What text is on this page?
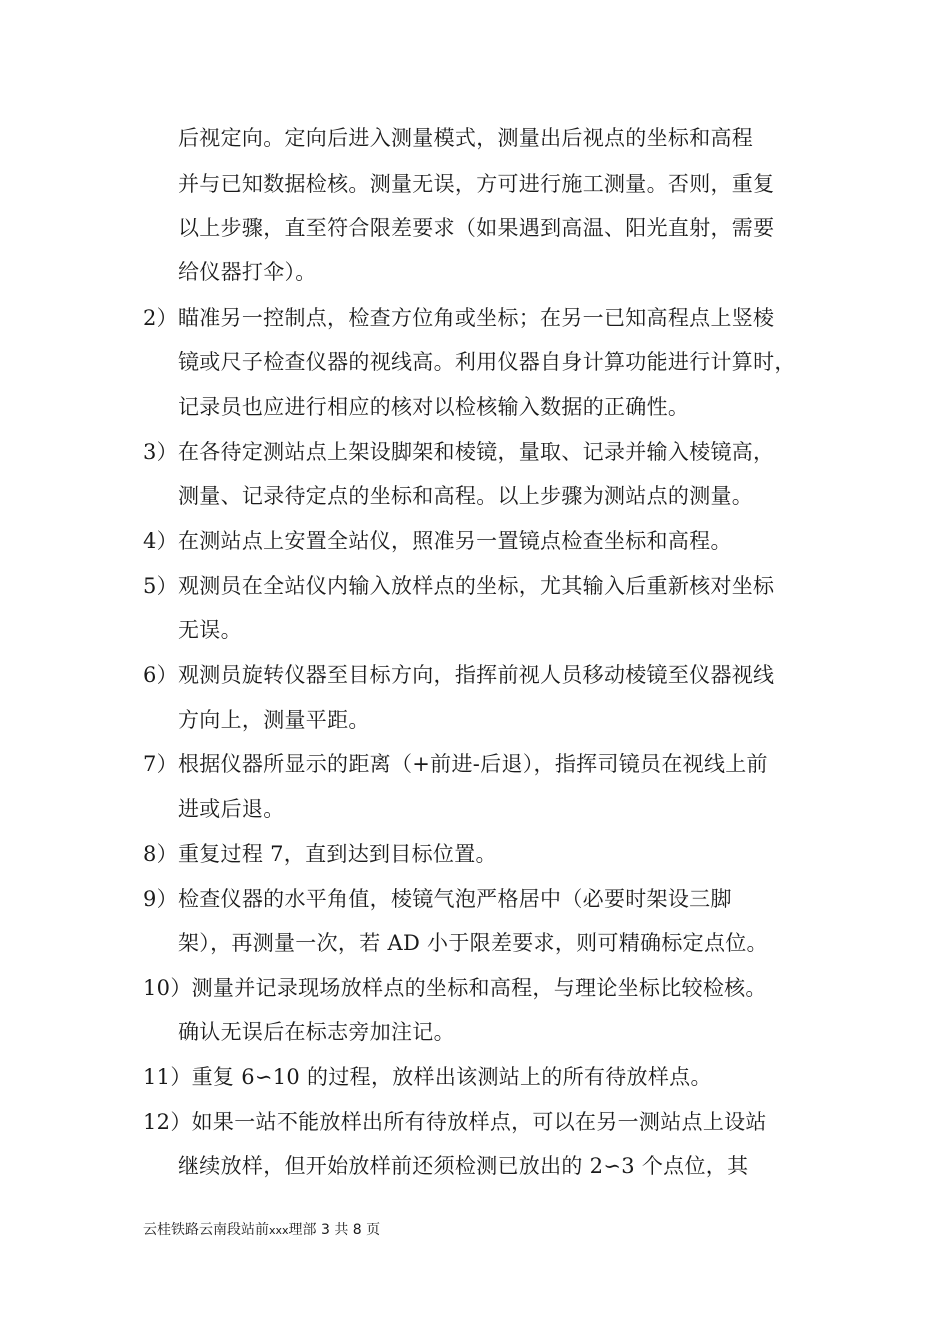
后视定向。定向后进入测量模式，测量出后视点的坐标和高程
并与已知数据检核。测量无误，方可进行施工测量。否则，重复
以上步骤，直至符合限差要求（如果遇到高温、阳光直射，需要
给仪器打伞）。
2）瞄准另一控制点，检查方位角或坐标；在另一已知高程点上竖棱
镜或尺子检查仪器的视线高。利用仪器自身计算功能进行计算时，
记录员也应进行相应的核对以检核输入数据的正确性。
3）在各待定测站点上架设脚架和棱镜，量取、记录并输入棱镜高，
测量、记录待定点的坐标和高程。以上步骤为测站点的测量。
4）在测站点上安置全站仪，照准另一置镜点检查坐标和高程。
5）观测员在全站仪内输入放样点的坐标，尤其输入后重新核对坐标
无误。
6）观测员旋转仪器至目标方向，指挥前视人员移动棱镜至仪器视线
方向上，测量平距。
7）根据仪器所显示的距离（+前进-后退），指挥司镜员在视线上前
进或后退。
8）重复过程 7，直到达到目标位置。
9）检查仪器的水平角值，棱镜气泡严格居中（必要时架设三脚
架），再测量一次，若 AD 小于限差要求，则可精确标定点位。
10）测量并记录现场放样点的坐标和高程，与理论坐标比较检核。
确认无误后在标志旁加注记。
11）重复 6∽10 的过程，放样出该测站上的所有待放样点。
12）如果一站不能放样出所有待放样点，可以在另一测站点上设站
继续放样，但开始放样前还须检测已放出的 2∽3 个点位，其
云桂铁路云南段站前xxx理部 3 共 8 页
